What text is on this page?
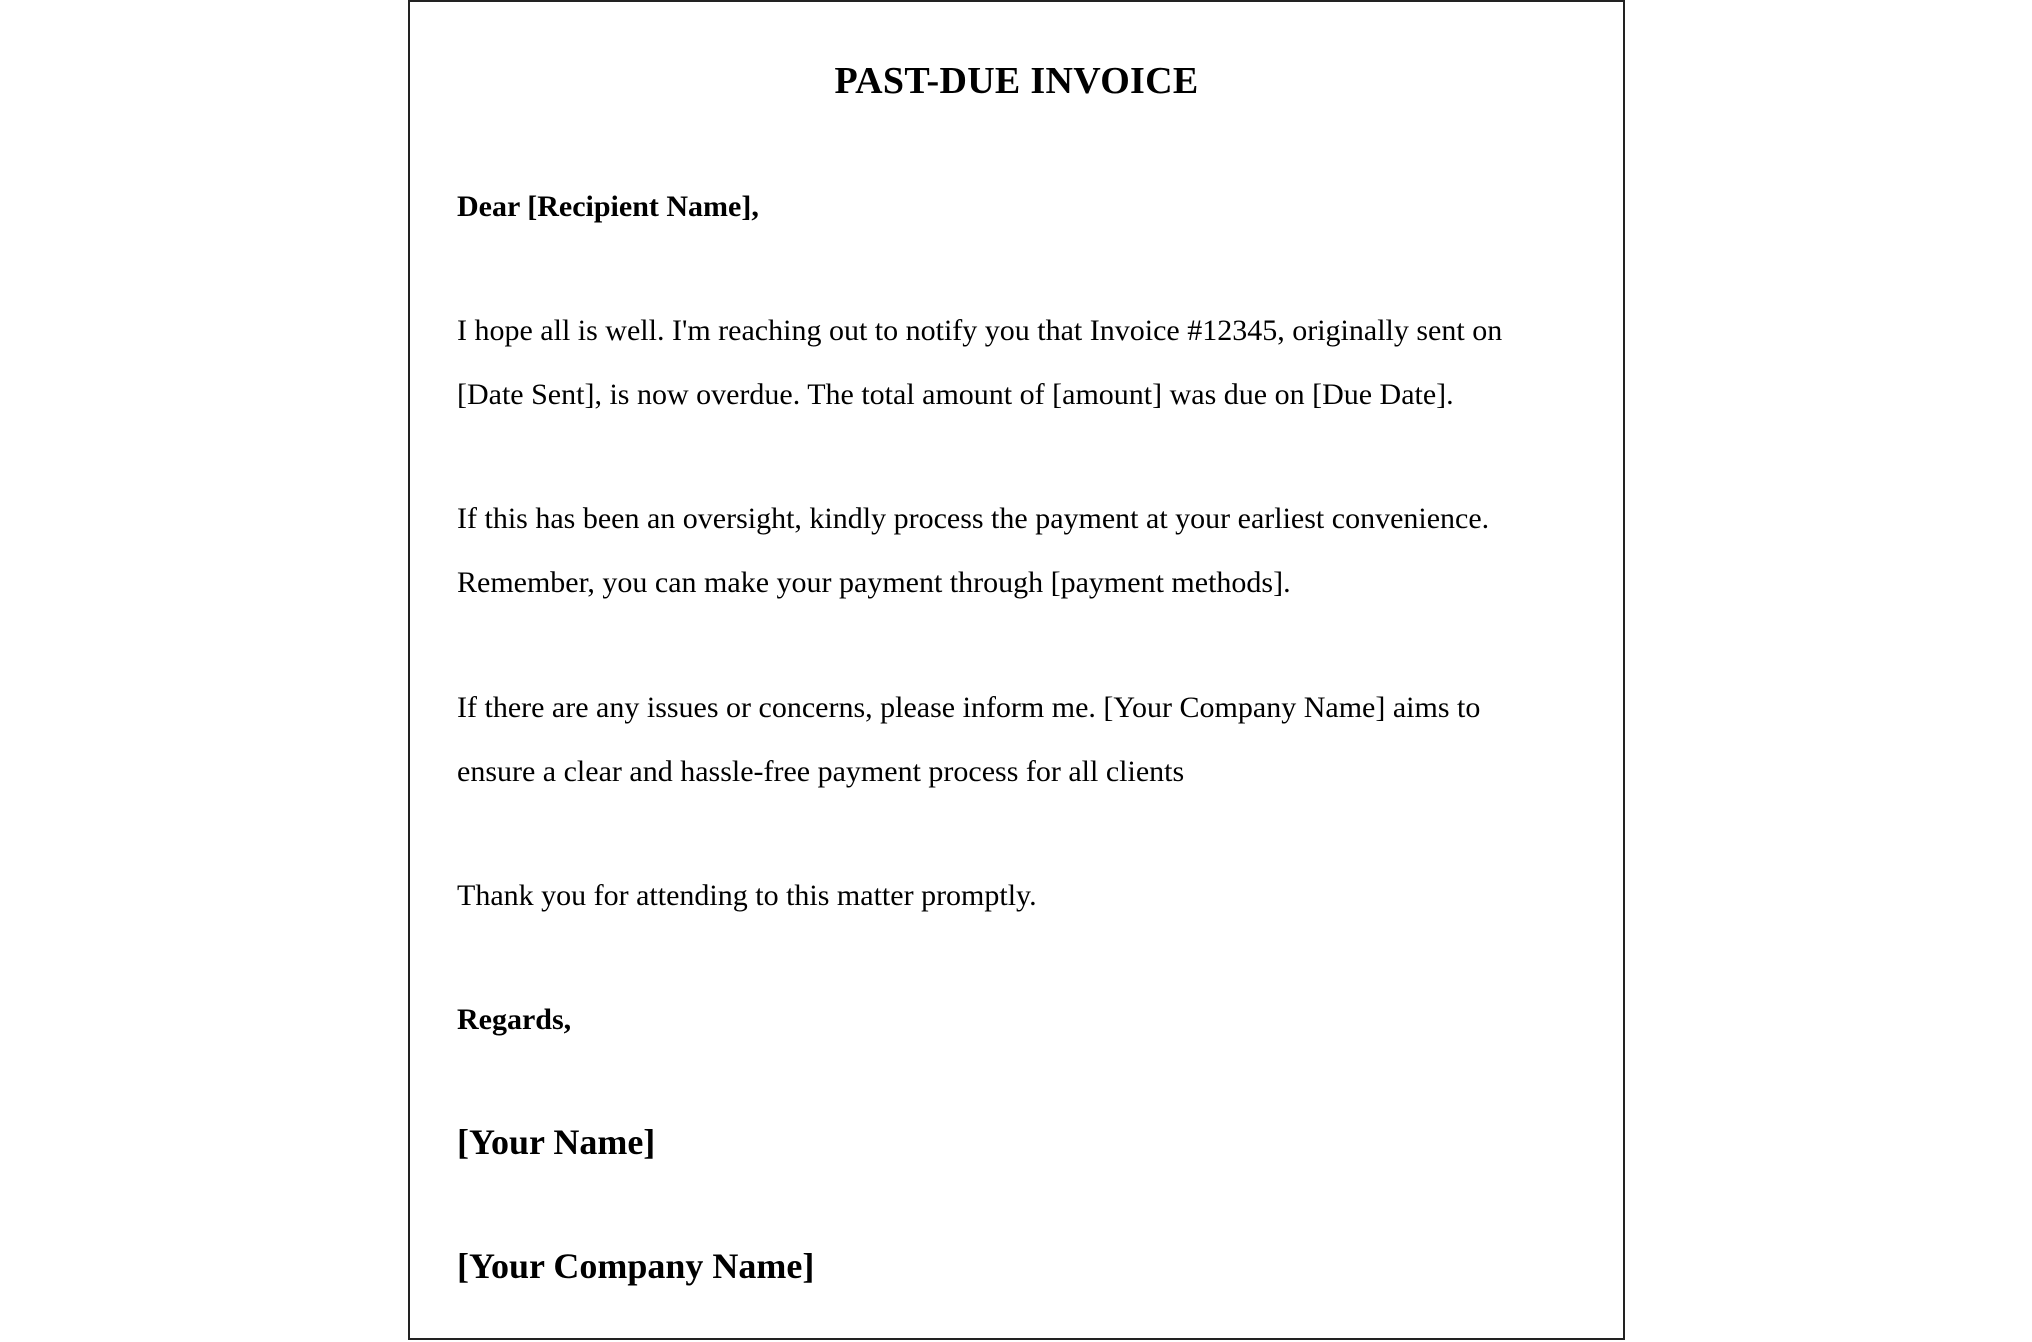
PAST-DUE INVOICE
Dear [Recipient Name],
I hope all is well. I'm reaching out to notify you that Invoice #12345, originally sent on
[Date Sent], is now overdue. The total amount of [amount] was due on [Due Date].
If this has been an oversight, kindly process the payment at your earliest convenience.
Remember, you can make your payment through [payment methods].
If there are any issues or concerns, please inform me. [Your Company Name] aims to
ensure a clear and hassle-free payment process for all clients
Thank you for attending to this matter promptly.
Regards,
[Your Name]
[Your Company Name]
